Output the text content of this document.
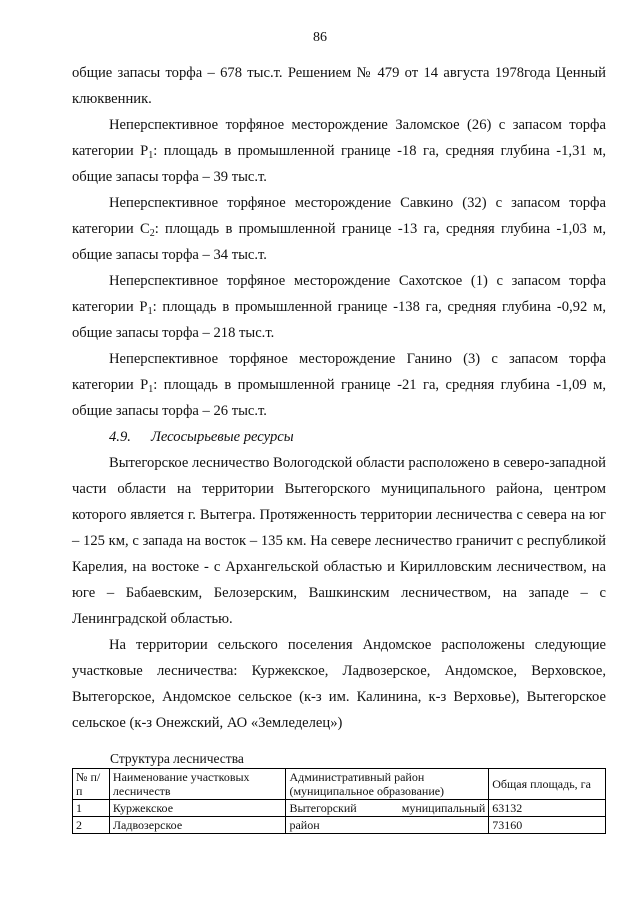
86

общие запасы торфа – 678 тыс.т. Решением № 479 от 14 августа 1978года Ценный клюквенник.

Неперспективное торфяное месторождение Заломское (26) с запасом торфа категории $Р_1$: площадь в промышленной границе -18 га, средняя глубина -1,31 м, общие запасы торфа – 39 тыс.т.

Неперспективное торфяное месторождение Савкино (32) с запасом торфа категории $С_2$: площадь в промышленной границе -13 га, средняя глубина -1,03 м, общие запасы торфа – 34 тыс.т.

Неперспективное торфяное месторождение Сахотское (1) с запасом торфа категории $Р_1$: площадь в промышленной границе -138 га, средняя глубина -0,92 м, общие запасы торфа – 218 тыс.т.

Неперспективное торфяное месторождение Ганино (3) с запасом торфа категории $Р_1$: площадь в промышленной границе -21 га, средняя глубина -1,09 м, общие запасы торфа – 26 тыс.т.

4.9. Лесосырьевые ресурсы

Вытегорское лесничество Вологодской области расположено в северо-западной части области на территории Вытегорского муниципального района, центром которого является г. Вытегра. Протяженность территории лесничества с севера на юг – 125 км, с запада на восток – 135 км. На севере лесничество граничит с республикой Карелия, на востоке - с Архангельской областью и Кирилловским лесничеством, на юге – Бабаевским, Белозерским, Вашкинским лесничеством, на западе – с Ленинградской областью.

На территории сельского поселения Андомское расположены следующие участковые лесничества: Куржекское, Ладвозерское, Андомское, Верховское, Вытегорское, Андомское сельское (к-з им. Калинина, к-з Верховье), Вытегорское сельское (к-з Онежский, АО «Земледелец»)

Структура лесничества
№ п/п	Наименование участковых лесничеств	Административный район (муниципальное образование)	Общая площадь, га
1	Куржекское	Вытегорский муниципальный	63132
2	Ладвозерское	район	73160
